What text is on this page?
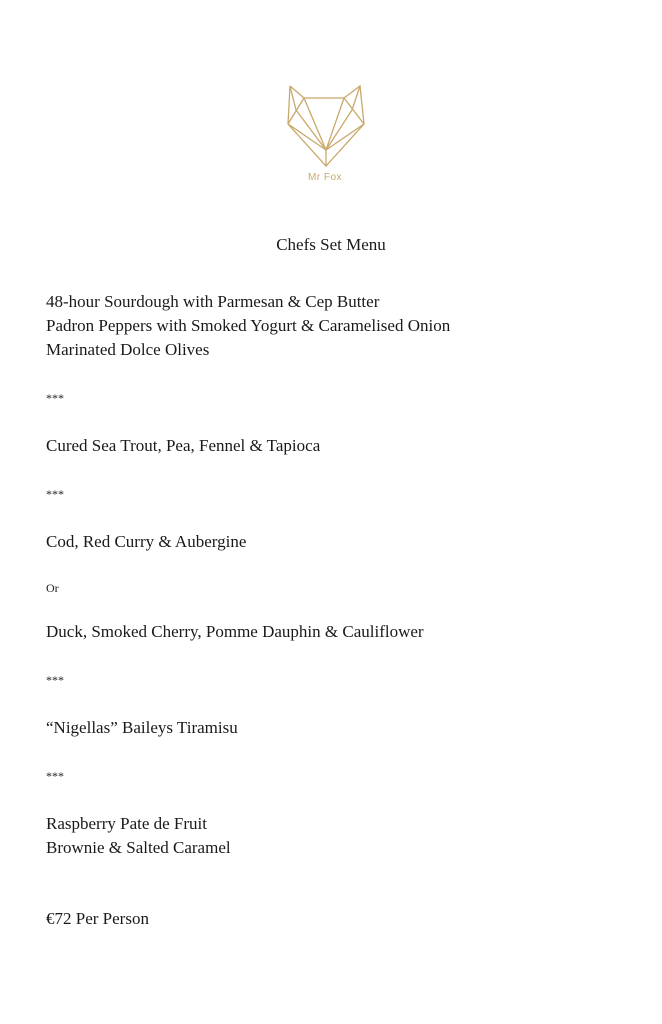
Mr Fox
Chefs Set Menu
48-hour Sourdough with Parmesan & Cep Butter
Padron Peppers with Smoked Yogurt & Caramelised Onion
Marinated Dolce Olives
***
Cured Sea Trout, Pea, Fennel & Tapioca
***
Cod, Red Curry & Aubergine
Or
Duck, Smoked Cherry, Pomme Dauphin & Cauliflower
***
“Nigellas” Baileys Tiramisu
***
Raspberry Pate de Fruit
Brownie & Salted Caramel
€72 Per Person
